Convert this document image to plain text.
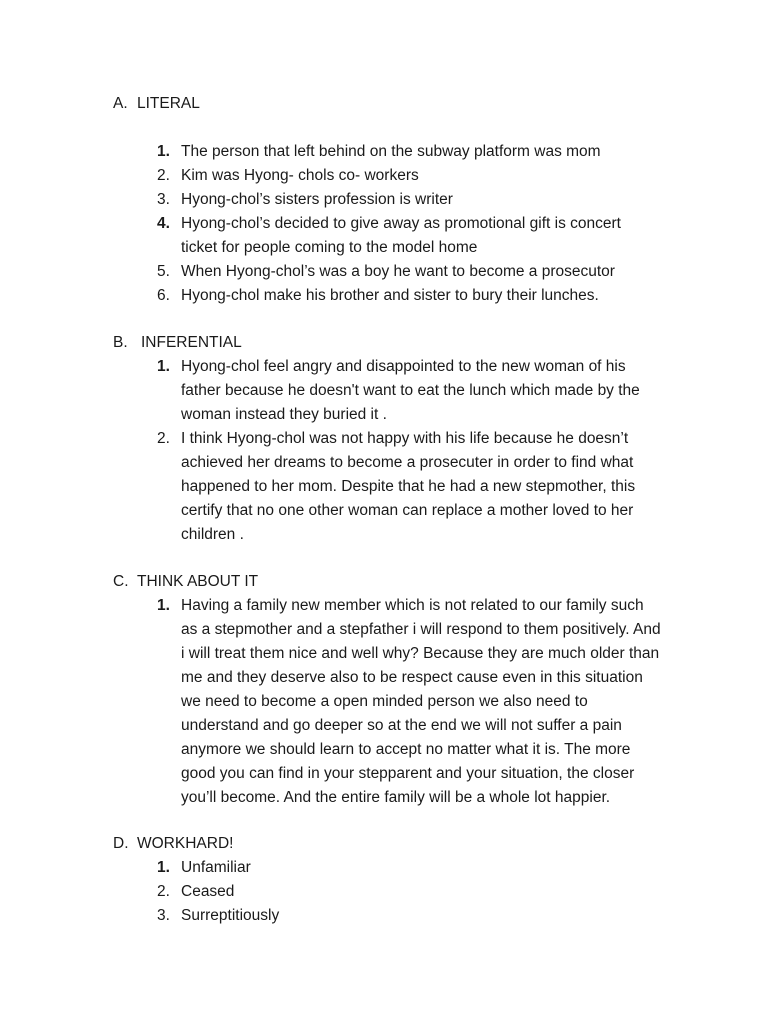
A. LITERAL
1. The person that left behind on the subway platform was mom
2. Kim was Hyong- chols co- workers
3. Hyong-chol’s sisters profession is writer
4. Hyong-chol’s decided to give away as promotional gift is concert ticket for people coming to the model home
5. When Hyong-chol’s was a boy he want to become a prosecutor
6. Hyong-chol make his brother and sister to bury their lunches.
B. INFERENTIAL
1. Hyong-chol feel angry and disappointed to the new woman of his father because he doesn't want to eat the lunch which made by the woman instead they buried it .
2. I think Hyong-chol was not happy with his life because he doesn’t achieved her dreams to become a prosecuter in order to find what happened to her mom. Despite that he had a new stepmother, this certify that no one other woman can replace a mother loved to her children .
C. THINK ABOUT IT
1. Having a family new member which is not related to our family such as a stepmother and a stepfather i will respond to them positively. And i will treat them nice and well why? Because they are much older than me and they deserve also to be respect cause even in this situation we need to become a open minded person we also need to understand and go deeper so at the end we will not suffer a pain anymore we should learn to accept no matter what it is. The more good you can find in your stepparent and your situation, the closer you’ll become. And the entire family will be a whole lot happier.
D. WORKHARD!
1. Unfamiliar
2. Ceased
3. Surreptitiously
